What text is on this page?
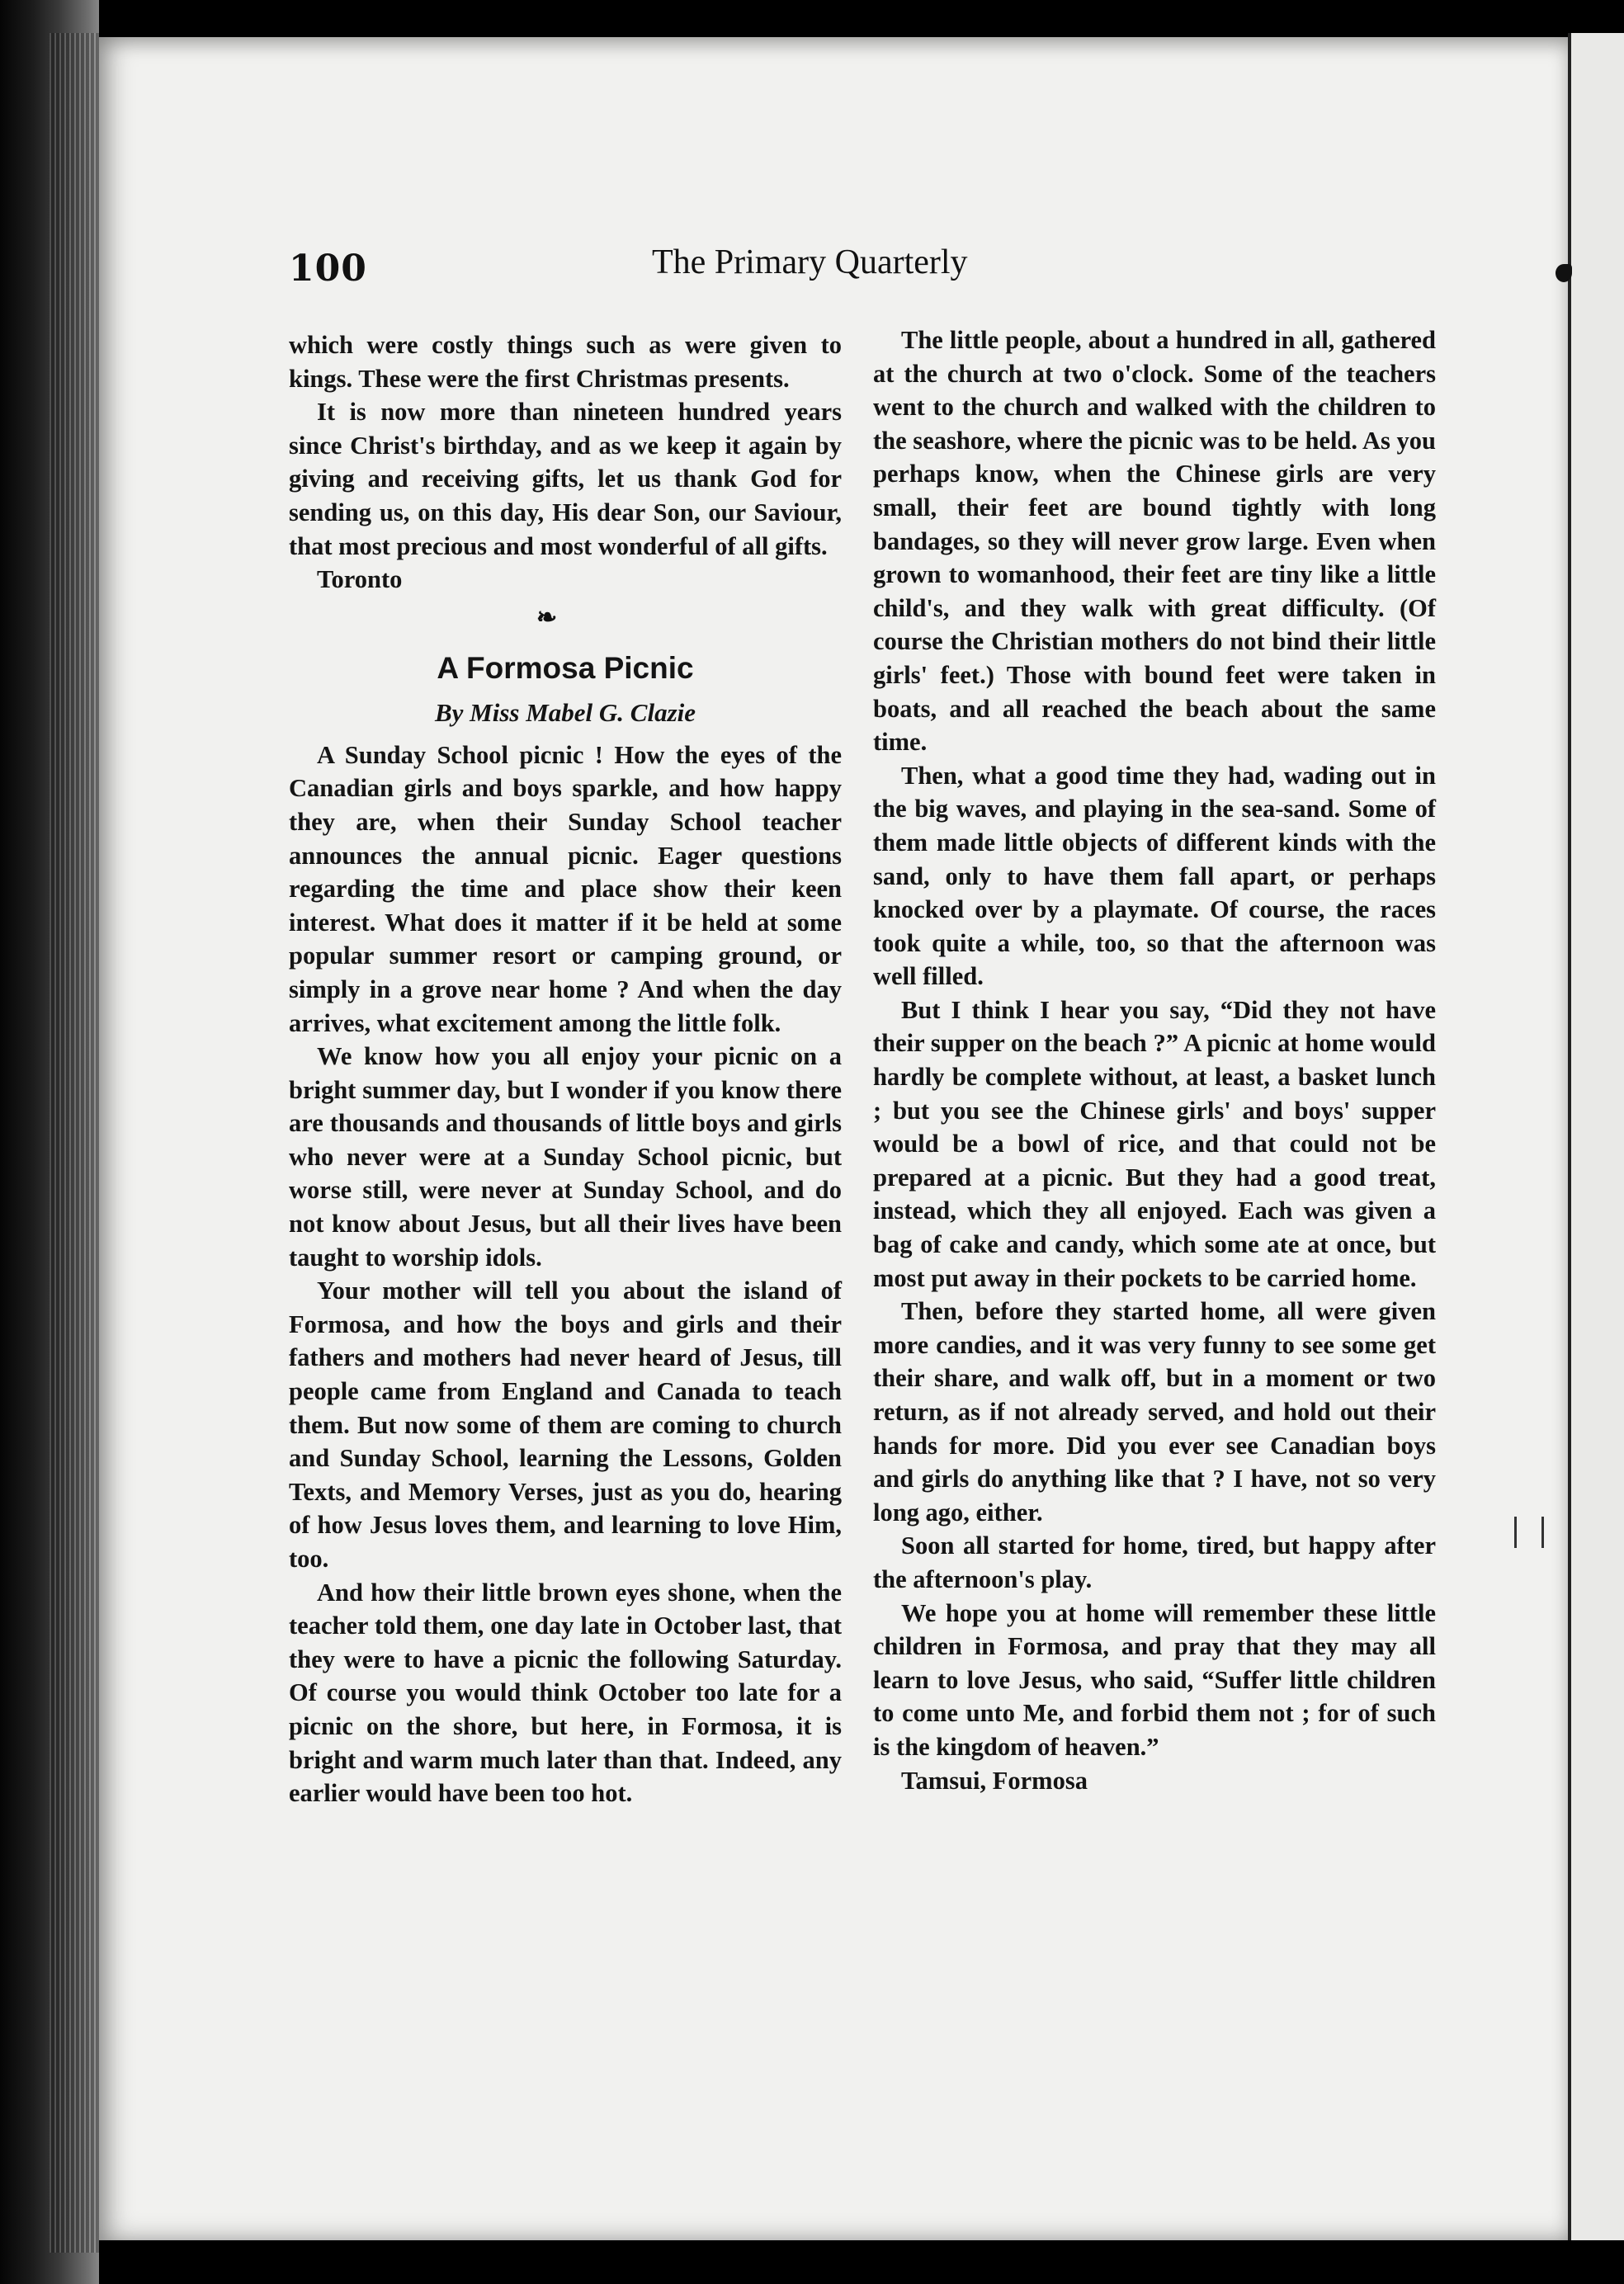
100	The Primary Quarterly

which were costly things such as were given to kings. These were the first Christmas presents.

It is now more than nineteen hundred years since Christ's birthday, and as we keep it again by giving and receiving gifts, let us thank God for sending us, on this day, His dear Son, our Saviour, that most precious and most wonderful of all gifts.

Toronto

❧
A Formosa Picnic
By Miss Mabel G. Clazie

A Sunday School picnic ! How the eyes of the Canadian girls and boys sparkle, and how happy they are, when their Sunday School teacher announces the annual picnic. Eager questions regarding the time and place show their keen interest. What does it matter if it be held at some popular summer resort or camping ground, or simply in a grove near home ? And when the day arrives, what excitement among the little folk.

We know how you all enjoy your picnic on a bright summer day, but I wonder if you know there are thousands and thousands of little boys and girls who never were at a Sunday School picnic, but worse still, were never at Sunday School, and do not know about Jesus, but all their lives have been taught to worship idols.

Your mother will tell you about the island of Formosa, and how the boys and girls and their fathers and mothers had never heard of Jesus, till people came from England and Canada to teach them. But now some of them are coming to church and Sunday School, learning the Lessons, Golden Texts, and Memory Verses, just as you do, hearing of how Jesus loves them, and learning to love Him, too.

And how their little brown eyes shone, when the teacher told them, one day late in October last, that they were to have a picnic the following Saturday. Of course you would think October too late for a picnic on the shore, but here, in Formosa, it is bright and warm much later than that. Indeed, any earlier would have been too hot.

The little people, about a hundred in all, gathered at the church at two o'clock. Some of the teachers went to the church and walked with the children to the seashore, where the picnic was to be held. As you perhaps know, when the Chinese girls are very small, their feet are bound tightly with long bandages, so they will never grow large. Even when grown to womanhood, their feet are tiny like a little child's, and they walk with great difficulty. (Of course the Christian mothers do not bind their little girls' feet.) Those with bound feet were taken in boats, and all reached the beach about the same time.

Then, what a good time they had, wading out in the big waves, and playing in the sea-sand. Some of them made little objects of different kinds with the sand, only to have them fall apart, or perhaps knocked over by a playmate. Of course, the races took quite a while, too, so that the afternoon was well filled.

But I think I hear you say, “Did they not have their supper on the beach ?” A picnic at home would hardly be complete without, at least, a basket lunch ; but you see the Chinese girls' and boys' supper would be a bowl of rice, and that could not be prepared at a picnic. But they had a good treat, instead, which they all enjoyed. Each was given a bag of cake and candy, which some ate at once, but most put away in their pockets to be carried home.

Then, before they started home, all were given more candies, and it was very funny to see some get their share, and walk off, but in a moment or two return, as if not already served, and hold out their hands for more. Did you ever see Canadian boys and girls do anything like that ? I have, not so very long ago, either.

Soon all started for home, tired, but happy after the afternoon's play.

We hope you at home will remember these little children in Formosa, and pray that they may all learn to love Jesus, who said, “Suffer little children to come unto Me, and forbid them not ; for of such is the kingdom of heaven.”

Tamsui, Formosa
